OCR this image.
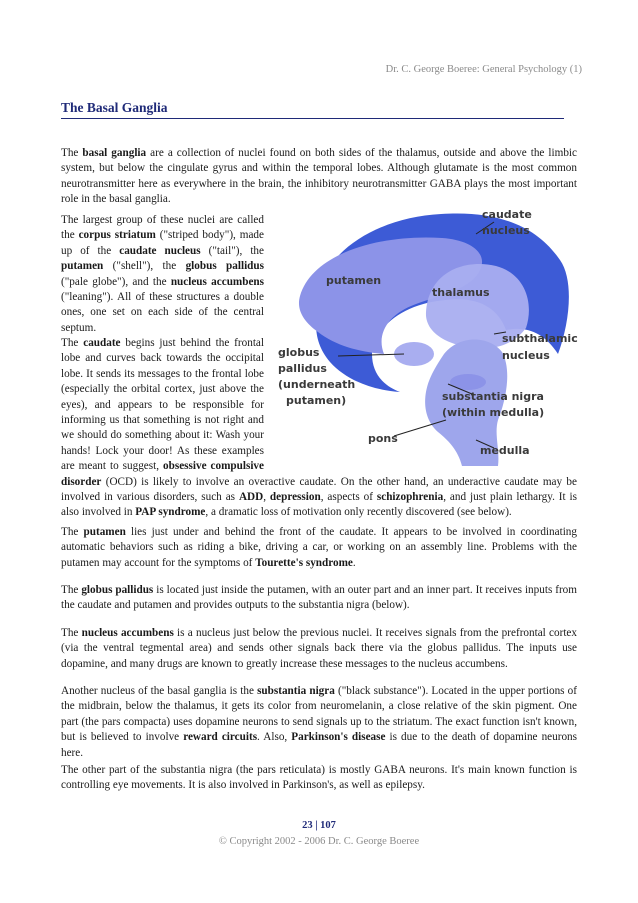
Dr. C. George Boeree: General Psychology (1)
The Basal Ganglia

The basal ganglia are a collection of nuclei found on both sides of the thalamus, outside and above the limbic system, but below the cingulate gyrus and within the temporal lobes. Although glutamate is the most common neurotransmitter here as everywhere in the brain, the inhibitory neurotransmitter GABA plays the most important role in the basal ganglia.

The largest group of these nuclei are called the corpus striatum ("striped body"), made up of the caudate nucleus ("tail"), the putamen ("shell"), the globus pallidus ("pale globe"), and the nucleus accumbens ("leaning"). All of these structures a double ones, one set on each side of the central septum.

The caudate begins just behind the frontal lobe and curves back towards the occipital lobe. It sends its messages to the frontal lobe (especially the orbital cortex, just above the eyes), and appears to be responsible for informing us that something is not right and we should do something about it: Wash your hands! Lock your door! As these examples are meant to suggest, obsessive compulsive disorder (OCD) is likely to involve an overactive caudate. On the other hand, an underactive caudate may be involved in various disorders, such as ADD, depression, aspects of schizophrenia, and just plain lethargy. It is also involved in PAP syndrome, a dramatic loss of motivation only recently discovered (see below).

The putamen lies just under and behind the front of the caudate. It appears to be involved in coordinating automatic behaviors such as riding a bike, driving a car, or working on an assembly line. Problems with the putamen may account for the symptoms of Tourette's syndrome.

The globus pallidus is located just inside the putamen, with an outer part and an inner part. It receives inputs from the caudate and putamen and provides outputs to the substantia nigra (below).

The nucleus accumbens is a nucleus just below the previous nuclei. It receives signals from the prefrontal cortex (via the ventral tegmental area) and sends other signals back there via the globus pallidus. The inputs use dopamine, and many drugs are known to greatly increase these messages to the nucleus accumbens.

Another nucleus of the basal ganglia is the substantia nigra ("black substance"). Located in the upper portions of the midbrain, below the thalamus, it gets its color from neuromelanin, a close relative of the skin pigment. One part (the pars compacta) uses dopamine neurons to send signals up to the striatum. The exact function isn't known, but is believed to involve reward circuits. Also, Parkinson's disease is due to the death of dopamine neurons here.

The other part of the substantia nigra (the pars reticulata) is mostly GABA neurons. It's main known function is controlling eye movements. It is also involved in Parkinson's, as well as epilepsy.

caudate
nucleus
putamen
thalamus
subthalamic
nucleus
globus
pallidus
(underneath
putamen)	substantia nigra
(within medulla)
pons
medulla
23 | 107
© Copyright 2002 - 2006 Dr. C. George Boeree
